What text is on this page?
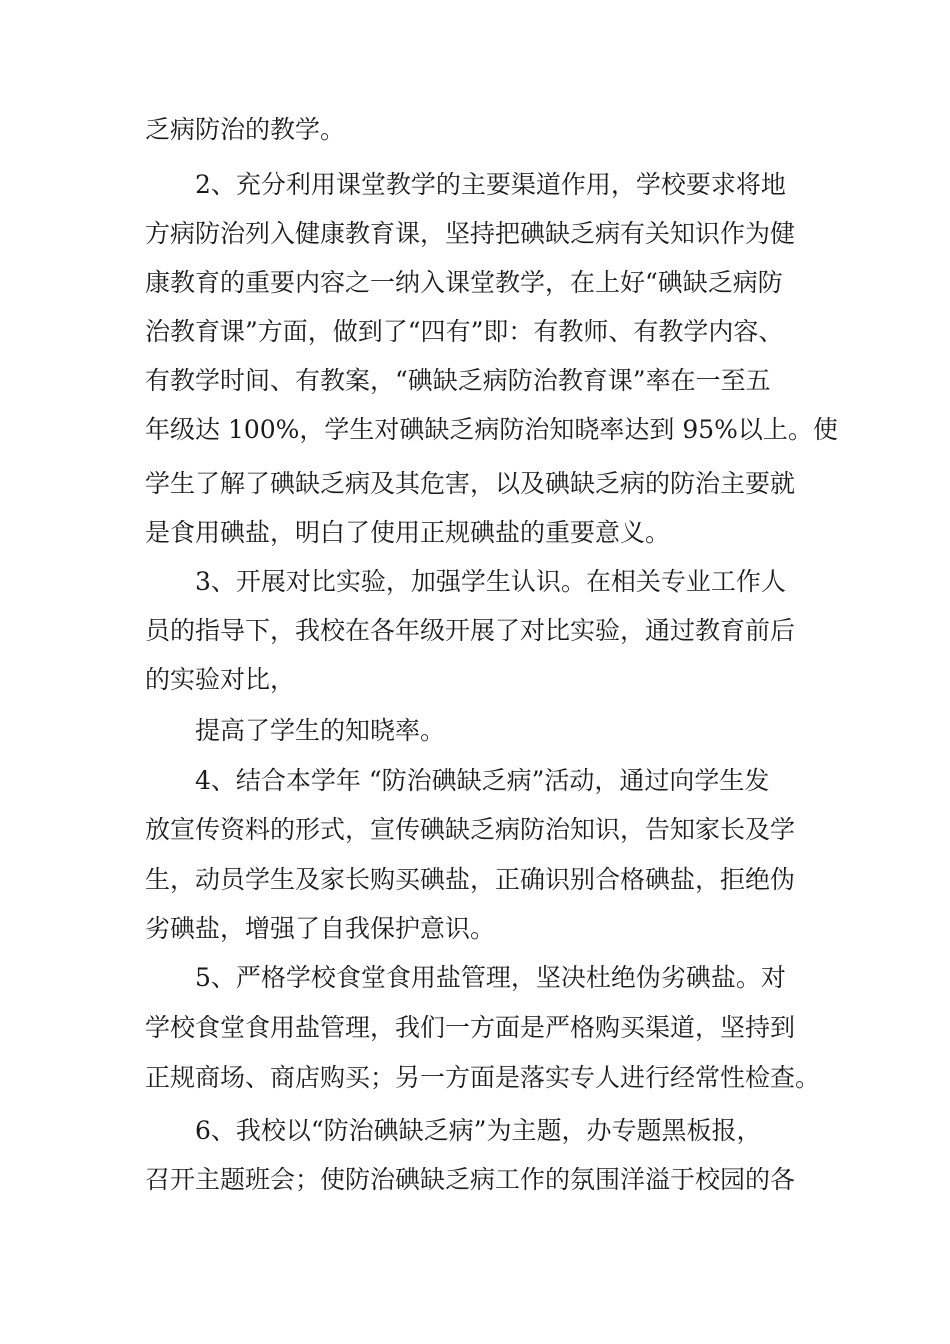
乏病防治的教学。
2、充分利用课堂教学的主要渠道作用，学校要求将地
方病防治列入健康教育课，坚持把碘缺乏病有关知识作为健
康教育的重要内容之一纳入课堂教学，在上好“碘缺乏病防
治教育课”方面，做到了“四有”即：有教师、有教学内容、
有教学时间、有教案，“碘缺乏病防治教育课”率在一至五
年级达 100%，学生对碘缺乏病防治知晓率达到 95%以上。使
学生了解了碘缺乏病及其危害，以及碘缺乏病的防治主要就
是食用碘盐，明白了使用正规碘盐的重要意义。
3、开展对比实验，加强学生认识。在相关专业工作人
员的指导下，我校在各年级开展了对比实验，通过教育前后
的实验对比，
提高了学生的知晓率。
4、结合本学年 “防治碘缺乏病”活动，通过向学生发
放宣传资料的形式，宣传碘缺乏病防治知识，告知家长及学
生，动员学生及家长购买碘盐，正确识别合格碘盐，拒绝伪
劣碘盐，增强了自我保护意识。
5、严格学校食堂食用盐管理，坚决杜绝伪劣碘盐。对
学校食堂食用盐管理，我们一方面是严格购买渠道，坚持到
正规商场、商店购买；另一方面是落实专人进行经常性检查。
6、我校以“防治碘缺乏病”为主题，办专题黑板报，
召开主题班会；使防治碘缺乏病工作的氛围洋溢于校园的各
